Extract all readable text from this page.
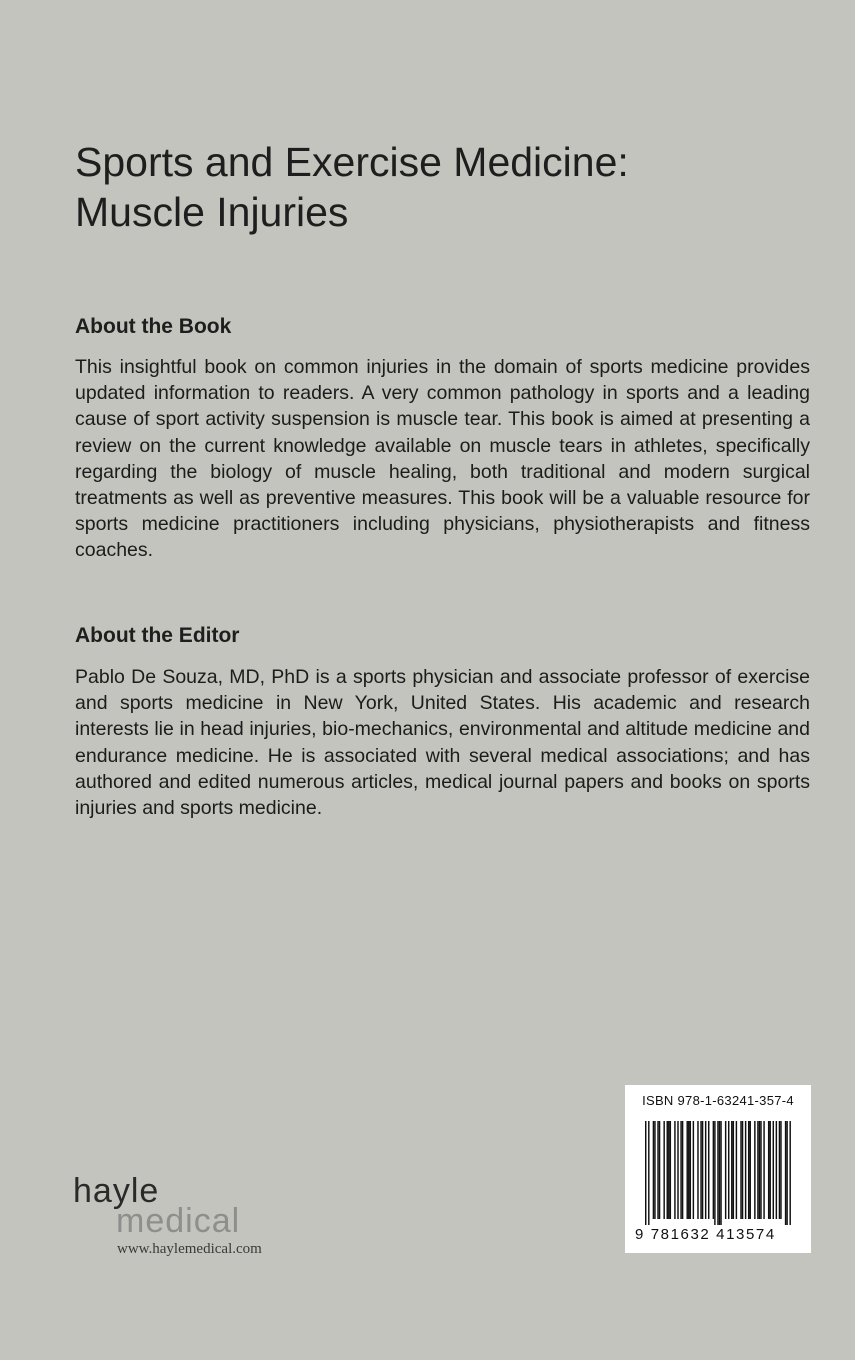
Sports and Exercise Medicine:
Muscle Injuries
About the Book

This insightful book on common injuries in the domain of sports medicine provides updated information to readers. A very common pathology in sports and a leading cause of sport activity suspension is muscle tear. This book is aimed at presenting a review on the current knowledge available on muscle tears in athletes, specifically regarding the biology of muscle healing, both traditional and modern surgical treatments as well as preventive measures. This book will be a valuable resource for sports medicine practitioners including physicians, physiotherapists and fitness coaches.

About the Editor

Pablo De Souza, MD, PhD is a sports physician and associate professor of exercise and sports medicine in New York, United States. His academic and research interests lie in head injuries, bio-mechanics, environmental and altitude medicine and endurance medicine. He is associated with several medical associations; and has authored and edited numerous articles, medical journal papers and books on sports injuries and sports medicine.

hayle
medical
www.haylemedical.com
ISBN 978-1-63241-357-4
9 781632 413574
